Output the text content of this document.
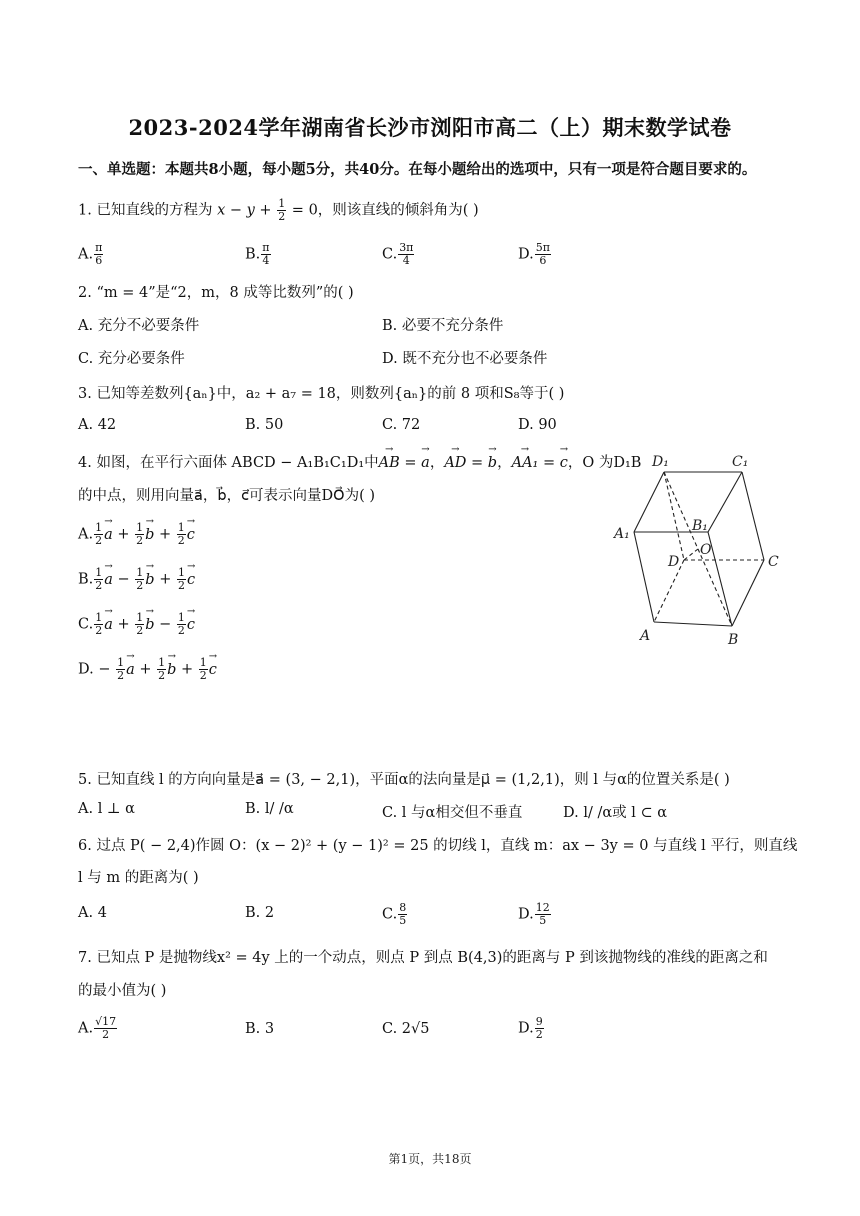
2023-2024学年湖南省长沙市浏阳市高二（上）期末数学试卷
一、单选题：本题共8小题，每小题5分，共40分。在每小题给出的选项中，只有一项是符合题目要求的。
1. 已知直线的方程为 $x - y + \frac{1}{2} = 0$，则该直线的倾斜角为( )
A. $\frac{\pi}{6}$	B. $\frac{\pi}{4}$	C. $\frac{3\pi}{4}$	D. $\frac{5\pi}{6}$
2. “m = 4”是“2，m，8 成等比数列”的( )
A. 充分不必要条件	B. 必要不充分条件
C. 充分必要条件	D. 既不充分也不必要条件
3. 已知等差数列{aₙ}中，a₂ + a₇ = 18，则数列{aₙ}的前 8 项和S₈等于( )
A. 42	B. 50	C. 72	D. 90
4. 如图，在平行六面体 ABCD − A₁B₁C₁D₁中→ AB = → a，→ AD = → b，→ AA₁ = → c，O 为D₁B
的中点，则用向量a⃗，b⃗，c⃗可表示向量DO⃗为( )
A. $\frac{1}{2}$
→ $a + \frac{1}{2}$
→ $b + \frac{1}{2}$
→ c
B. $\frac{1}{2}$
→ $a - \frac{1}{2}$
→ $b + \frac{1}{2}$
→ c
C. $\frac{1}{2}$
→ $a + \frac{1}{2}$
→ $b - \frac{1}{2}$
→ c
D. − $\frac{1}{2}$
→ $a + \frac{1}{2}$
→ $b + \frac{1}{2}$
→ c
D₁	C₁
A₁	B₁
O
D	C
A	B
5. 已知直线 l 的方向向量是a⃗ = (3, − 2,1)，平面α的法向量是μ⃗ = (1,2,1)，则 l 与α的位置关系是( )
A. l ⊥ α	B. l/ /α	C. l 与α相交但不垂直	D. l/ /α或 l ⊂ α
6. 过点 P( − 2,4)作圆 O：(x − 2)² + (y − 1)² = 25 的切线 l，直线 m：ax − 3y = 0 与直线 l 平行，则直线
l 与 m 的距离为( )
A. 4	B. 2	C. $\frac{8}{5}$	D. $\frac{12}{5}$
7. 已知点 P 是抛物线x² = 4y 上的一个动点，则点 P 到点 B(4,3)的距离与 P 到该抛物线的准线的距离之和
的最小值为( )
A. $\frac{√17}{2}$	B. 3	C. 2√5	D. $\frac{9}{2}$
第1页，共18页
